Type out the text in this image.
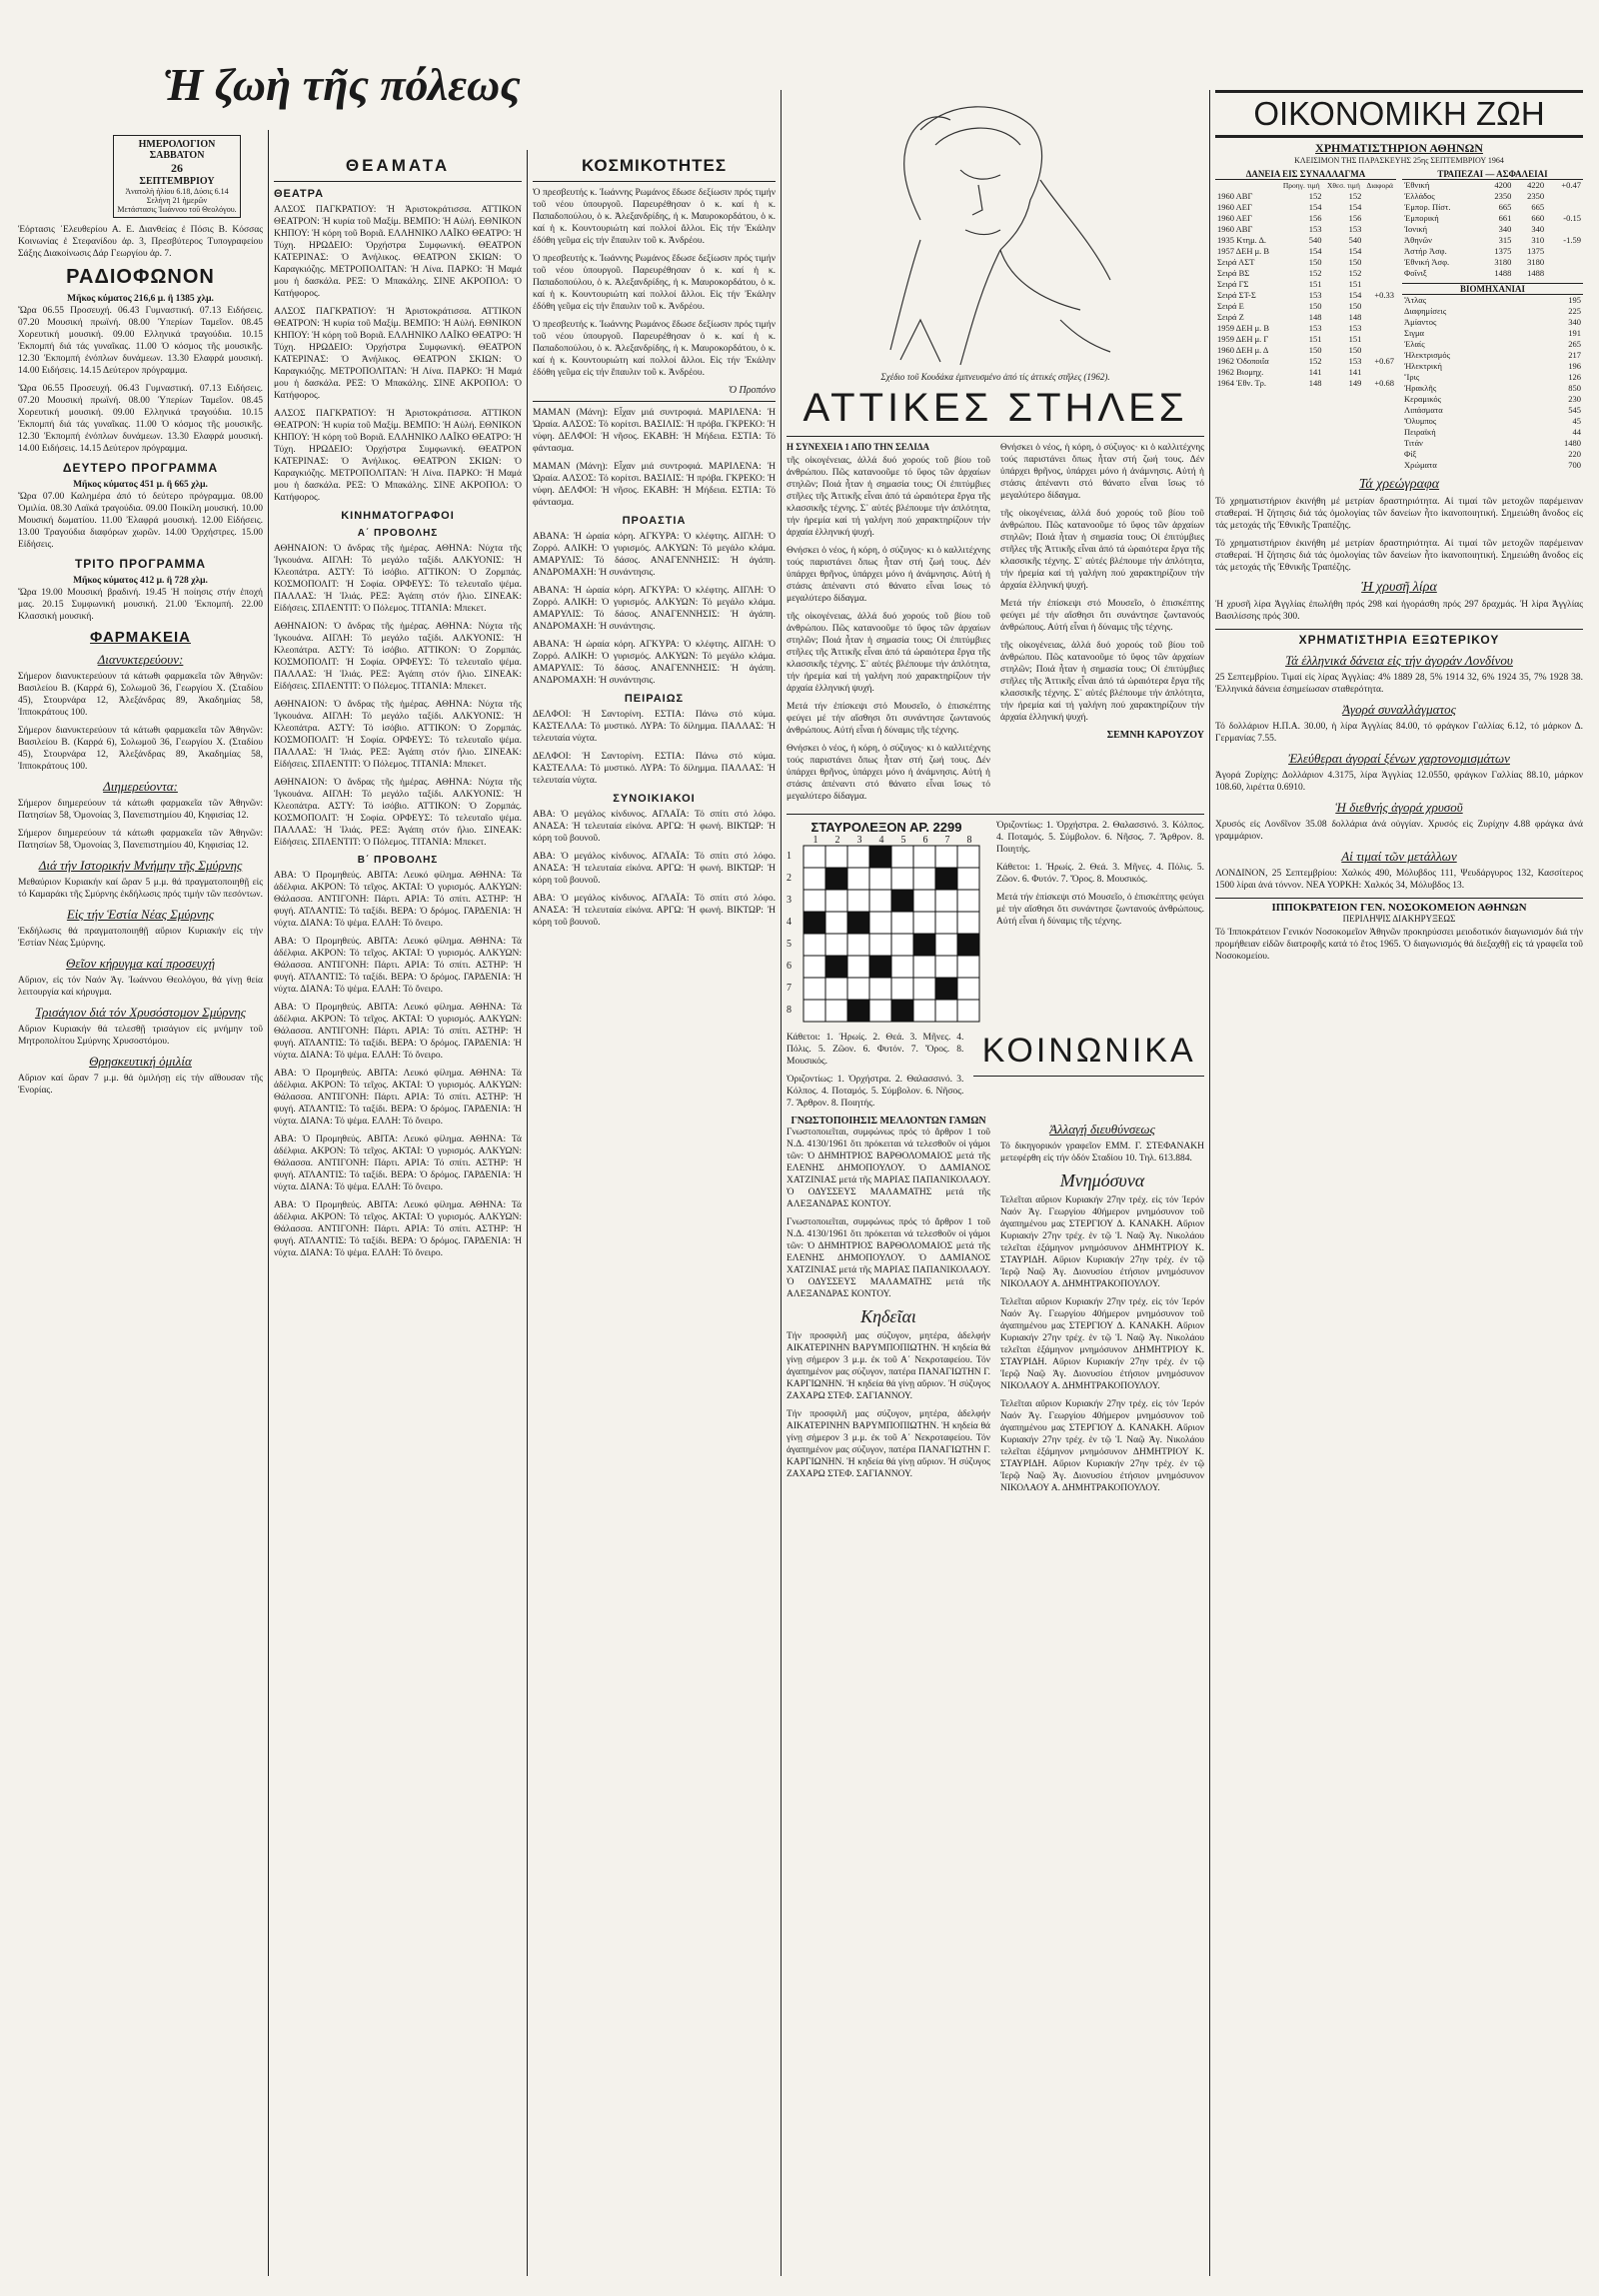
Ἡ ζωὴ τῆς πόλεως
ΗΜΕΡΟΛΟΓΙΟΝ
ΣΑΒΒΑΤΟΝ
26
ΣΕΠΤΕΜΒΡΙΟΥ
Ἀνατολὴ ἡλίου 6.18, Δύσις 6.14
Σελήνη 21 ἡμερῶν
Μετάστασις Ἰωάννου τοῦ Θεολόγου.

Ἑόρτασις ᾿Ελευθερίου Α. Ε. Διανθείας ἐ Πόσις Β. Κόσσας Κοινωνίας ἐ Στεφανίδου ἀρ. 3, Πρεσβύτερος Τυπογραφείου Σάξης Διακοίνωσις Δάρ Γεωργίου ἀρ. 7.

ΡΑΔΙΟΦΩΝΟΝ
Μῆκος κύματος 216,6 μ. ἢ 1385 χλμ.

Ὥρα 06.55 Προσευχή. 06.43 Γυμναστική. 07.13 Ειδήσεις. 07.20 Μουσική πρωϊνή. 08.00 Ὑπερίων Ταμεῖον. 08.45 Χορευτική μουσική. 09.00 Ελληνικά τραγούδια. 10.15 Ἐκπομπή διά τάς γυναῖκας. 11.00 Ὁ κόσμος τῆς μουσικῆς. 12.30 Ἐκπομπή ἐνόπλων δυνάμεων. 13.30 Ελαφρά μουσική. 14.00 Ειδήσεις. 14.15 Δεύτερον πρόγραμμα.

Ὥρα 06.55 Προσευχή. 06.43 Γυμναστική. 07.13 Ειδήσεις. 07.20 Μουσική πρωϊνή. 08.00 Ὑπερίων Ταμεῖον. 08.45 Χορευτική μουσική. 09.00 Ελληνικά τραγούδια. 10.15 Ἐκπομπή διά τάς γυναῖκας. 11.00 Ὁ κόσμος τῆς μουσικῆς. 12.30 Ἐκπομπή ἐνόπλων δυνάμεων. 13.30 Ελαφρά μουσική. 14.00 Ειδήσεις. 14.15 Δεύτερον πρόγραμμα.

ΔΕΥΤΕΡΟ ΠΡΟΓΡΑΜΜΑ
Μῆκος κύματος 451 μ. ἢ 665 χλμ.

Ὥρα 07.00 Καλημέρα ἀπό τό δεύτερο πρόγραμμα. 08.00 Ὁμιλία. 08.30 Λαϊκά τραγούδια. 09.00 Ποικίλη μουσική. 10.00 Μουσική δωματίου. 11.00 Ἐλαφρά μουσική. 12.00 Εἰδήσεις. 13.00 Τραγούδια διαφόρων χωρῶν. 14.00 Ὀρχήστρες. 15.00 Εἰδήσεις.

ΤΡΙΤΟ ΠΡΟΓΡΑΜΜΑ
Μῆκος κύματος 412 μ. ἢ 728 χλμ.

Ὥρα 19.00 Μουσική βραδινή. 19.45 Ἡ ποίησις στήν ἐποχή μας. 20.15 Συμφωνική μουσική. 21.00 Ἐκπομπή. 22.00 Κλασσική μουσική.

ΦΑΡΜΑΚΕΙΑ
Διανυκτερεύουν:

Σήμερον διανυκτερεύουν τά κάτωθι φαρμακεῖα τῶν Ἀθηνῶν: Βασιλείου Β. (Καρρά 6), Σολωμοῦ 36, Γεωργίου Χ. (Σταδίου 45), Στουρνάρα 12, Ἀλεξάνδρας 89, Ἀκαδημίας 58, Ἱπποκράτους 100.

Σήμερον διανυκτερεύουν τά κάτωθι φαρμακεῖα τῶν Ἀθηνῶν: Βασιλείου Β. (Καρρά 6), Σολωμοῦ 36, Γεωργίου Χ. (Σταδίου 45), Στουρνάρα 12, Ἀλεξάνδρας 89, Ἀκαδημίας 58, Ἱπποκράτους 100.

Διημερεύοντα:

Σήμερον διημερεύουν τά κάτωθι φαρμακεῖα τῶν Ἀθηνῶν: Πατησίων 58, Ὁμονοίας 3, Πανεπιστημίου 40, Κηφισίας 12.

Σήμερον διημερεύουν τά κάτωθι φαρμακεῖα τῶν Ἀθηνῶν: Πατησίων 58, Ὁμονοίας 3, Πανεπιστημίου 40, Κηφισίας 12.

Διά τήν Ιστορικήν Μνήμην τῆς Σμύρνης

Μεθαύριον Κυριακήν καί ὥραν 5 μ.μ. θά πραγματοποιηθῇ εἰς τό Καμαράκι τῆς Σμύρνης ἐκδήλωσις πρός τιμήν τῶν πεσόντων.

Εἰς τήν Ἑστία Νέας Σμύρνης

Ἐκδήλωσις θά πραγματοποιηθῇ αὔριον Κυριακήν εἰς τήν Ἑστίαν Νέας Σμύρνης.

Θεῖον κήρυγμα καί προσευχή

Αὔριον, εἰς τόν Ναόν Ἁγ. Ἰωάννου Θεολόγου, θά γίνῃ θεία λειτουργία καί κήρυγμα.

Τρισάγιον διά τόν Χρυσόστομον Σμύρνης

Αὔριον Κυριακήν θά τελεσθῇ τρισάγιον εἰς μνήμην τοῦ Μητροπολίτου Σμύρνης Χρυσοστόμου.

Θρησκευτική ὁμιλία

Αὔριον καί ὥραν 7 μ.μ. θά ὁμιλήσῃ εἰς τήν αἴθουσαν τῆς Ἐνορίας.

ΘΕΑΜΑΤΑ
ΘΕΑΤΡΑ

ΑΛΣΟΣ ΠΑΓΚΡΑΤΙΟΥ: Ἡ Ἀριστοκράτισσα. ΑΤΤΙΚΟΝ ΘΕΑΤΡΟΝ: Ἡ κυρία τοῦ Μαξίμ. ΒΕΜΠΟ: Ἡ Αὐλή. ΕΘΝΙΚΟΝ ΚΗΠΟΥ: Ἡ κόρη τοῦ Βοριᾶ. ΕΛΛΗΝΙΚΟ ΛΑΪΚΟ ΘΕΑΤΡΟ: Ἡ Τύχη. ΗΡΩΔΕΙΟ: Ὀρχήστρα Συμφωνική. ΘΕΑΤΡΟΝ ΚΑΤΕΡΙΝΑΣ: Ὁ Ἀνήλικος. ΘΕΑΤΡΟΝ ΣΚΙΩΝ: Ὁ Καραγκιόζης. ΜΕΤΡΟΠΟΛΙΤΑΝ: Ἡ Λίνα. ΠΑΡΚΟ: Ἡ Μαμά μου ἡ δασκάλα. ΡΕΞ: Ὁ Μπακάλης. ΣΙΝΕ ΑΚΡΟΠΟΛ: Ὁ Κατήφορος.

ΑΛΣΟΣ ΠΑΓΚΡΑΤΙΟΥ: Ἡ Ἀριστοκράτισσα. ΑΤΤΙΚΟΝ ΘΕΑΤΡΟΝ: Ἡ κυρία τοῦ Μαξίμ. ΒΕΜΠΟ: Ἡ Αὐλή. ΕΘΝΙΚΟΝ ΚΗΠΟΥ: Ἡ κόρη τοῦ Βοριᾶ. ΕΛΛΗΝΙΚΟ ΛΑΪΚΟ ΘΕΑΤΡΟ: Ἡ Τύχη. ΗΡΩΔΕΙΟ: Ὀρχήστρα Συμφωνική. ΘΕΑΤΡΟΝ ΚΑΤΕΡΙΝΑΣ: Ὁ Ἀνήλικος. ΘΕΑΤΡΟΝ ΣΚΙΩΝ: Ὁ Καραγκιόζης. ΜΕΤΡΟΠΟΛΙΤΑΝ: Ἡ Λίνα. ΠΑΡΚΟ: Ἡ Μαμά μου ἡ δασκάλα. ΡΕΞ: Ὁ Μπακάλης. ΣΙΝΕ ΑΚΡΟΠΟΛ: Ὁ Κατήφορος.

ΑΛΣΟΣ ΠΑΓΚΡΑΤΙΟΥ: Ἡ Ἀριστοκράτισσα. ΑΤΤΙΚΟΝ ΘΕΑΤΡΟΝ: Ἡ κυρία τοῦ Μαξίμ. ΒΕΜΠΟ: Ἡ Αὐλή. ΕΘΝΙΚΟΝ ΚΗΠΟΥ: Ἡ κόρη τοῦ Βοριᾶ. ΕΛΛΗΝΙΚΟ ΛΑΪΚΟ ΘΕΑΤΡΟ: Ἡ Τύχη. ΗΡΩΔΕΙΟ: Ὀρχήστρα Συμφωνική. ΘΕΑΤΡΟΝ ΚΑΤΕΡΙΝΑΣ: Ὁ Ἀνήλικος. ΘΕΑΤΡΟΝ ΣΚΙΩΝ: Ὁ Καραγκιόζης. ΜΕΤΡΟΠΟΛΙΤΑΝ: Ἡ Λίνα. ΠΑΡΚΟ: Ἡ Μαμά μου ἡ δασκάλα. ΡΕΞ: Ὁ Μπακάλης. ΣΙΝΕ ΑΚΡΟΠΟΛ: Ὁ Κατήφορος.

ΚΙΝΗΜΑΤΟΓΡΑΦΟΙ
Α΄ ΠΡΟΒΟΛΗΣ

ΑΘΗΝΑΙΟΝ: Ὁ ἄνδρας τῆς ἡμέρας. ΑΘΗΝΑ: Νύχτα τῆς Ἰγκουάνα. ΑΙΓΛΗ: Τό μεγάλο ταξίδι. ΑΛΚΥΟΝΙΣ: Ἡ Κλεοπάτρα. ΑΣΤΥ: Τό ἰσόβιο. ΑΤΤΙΚΟΝ: Ὁ Ζορμπάς. ΚΟΣΜΟΠΟΛΙΤ: Ἡ Σοφία. ΟΡΦΕΥΣ: Τό τελευταῖο ψέμα. ΠΑΛΛΑΣ: Ἡ Ἰλιάς. ΡΕΞ: Ἀγάπη στόν ἥλιο. ΣΙΝΕΑΚ: Εἰδήσεις. ΣΠΛΕΝΤΙΤ: Ὁ Πόλεμος. ΤΙΤΑΝΙΑ: Μπεκετ.

ΑΘΗΝΑΙΟΝ: Ὁ ἄνδρας τῆς ἡμέρας. ΑΘΗΝΑ: Νύχτα τῆς Ἰγκουάνα. ΑΙΓΛΗ: Τό μεγάλο ταξίδι. ΑΛΚΥΟΝΙΣ: Ἡ Κλεοπάτρα. ΑΣΤΥ: Τό ἰσόβιο. ΑΤΤΙΚΟΝ: Ὁ Ζορμπάς. ΚΟΣΜΟΠΟΛΙΤ: Ἡ Σοφία. ΟΡΦΕΥΣ: Τό τελευταῖο ψέμα. ΠΑΛΛΑΣ: Ἡ Ἰλιάς. ΡΕΞ: Ἀγάπη στόν ἥλιο. ΣΙΝΕΑΚ: Εἰδήσεις. ΣΠΛΕΝΤΙΤ: Ὁ Πόλεμος. ΤΙΤΑΝΙΑ: Μπεκετ.

ΑΘΗΝΑΙΟΝ: Ὁ ἄνδρας τῆς ἡμέρας. ΑΘΗΝΑ: Νύχτα τῆς Ἰγκουάνα. ΑΙΓΛΗ: Τό μεγάλο ταξίδι. ΑΛΚΥΟΝΙΣ: Ἡ Κλεοπάτρα. ΑΣΤΥ: Τό ἰσόβιο. ΑΤΤΙΚΟΝ: Ὁ Ζορμπάς. ΚΟΣΜΟΠΟΛΙΤ: Ἡ Σοφία. ΟΡΦΕΥΣ: Τό τελευταῖο ψέμα. ΠΑΛΛΑΣ: Ἡ Ἰλιάς. ΡΕΞ: Ἀγάπη στόν ἥλιο. ΣΙΝΕΑΚ: Εἰδήσεις. ΣΠΛΕΝΤΙΤ: Ὁ Πόλεμος. ΤΙΤΑΝΙΑ: Μπεκετ.

ΑΘΗΝΑΙΟΝ: Ὁ ἄνδρας τῆς ἡμέρας. ΑΘΗΝΑ: Νύχτα τῆς Ἰγκουάνα. ΑΙΓΛΗ: Τό μεγάλο ταξίδι. ΑΛΚΥΟΝΙΣ: Ἡ Κλεοπάτρα. ΑΣΤΥ: Τό ἰσόβιο. ΑΤΤΙΚΟΝ: Ὁ Ζορμπάς. ΚΟΣΜΟΠΟΛΙΤ: Ἡ Σοφία. ΟΡΦΕΥΣ: Τό τελευταῖο ψέμα. ΠΑΛΛΑΣ: Ἡ Ἰλιάς. ΡΕΞ: Ἀγάπη στόν ἥλιο. ΣΙΝΕΑΚ: Εἰδήσεις. ΣΠΛΕΝΤΙΤ: Ὁ Πόλεμος. ΤΙΤΑΝΙΑ: Μπεκετ.

Β΄ ΠΡΟΒΟΛΗΣ

ΑΒΑ: Ὁ Προμηθεύς. ΑΒΙΤΑ: Λευκό φίλημα. ΑΘΗΝΑ: Τά ἀδέλφια. ΑΚΡΟΝ: Τό τεῖχος. ΑΚΤΑΙ: Ὁ γυρισμός. ΑΛΚΥΩΝ: Θάλασσα. ΑΝΤΙΓΟΝΗ: Πάρτι. ΑΡΙΑ: Τό σπίτι. ΑΣΤΗΡ: Ἡ φυγή. ΑΤΛΑΝΤΙΣ: Τό ταξίδι. ΒΕΡΑ: Ὁ δρόμος. ΓΑΡΔΕΝΙΑ: Ἡ νύχτα. ΔΙΑΝΑ: Τό ψέμα. ΕΛΛΗ: Τό ὄνειρο.

ΑΒΑ: Ὁ Προμηθεύς. ΑΒΙΤΑ: Λευκό φίλημα. ΑΘΗΝΑ: Τά ἀδέλφια. ΑΚΡΟΝ: Τό τεῖχος. ΑΚΤΑΙ: Ὁ γυρισμός. ΑΛΚΥΩΝ: Θάλασσα. ΑΝΤΙΓΟΝΗ: Πάρτι. ΑΡΙΑ: Τό σπίτι. ΑΣΤΗΡ: Ἡ φυγή. ΑΤΛΑΝΤΙΣ: Τό ταξίδι. ΒΕΡΑ: Ὁ δρόμος. ΓΑΡΔΕΝΙΑ: Ἡ νύχτα. ΔΙΑΝΑ: Τό ψέμα. ΕΛΛΗ: Τό ὄνειρο.

ΑΒΑ: Ὁ Προμηθεύς. ΑΒΙΤΑ: Λευκό φίλημα. ΑΘΗΝΑ: Τά ἀδέλφια. ΑΚΡΟΝ: Τό τεῖχος. ΑΚΤΑΙ: Ὁ γυρισμός. ΑΛΚΥΩΝ: Θάλασσα. ΑΝΤΙΓΟΝΗ: Πάρτι. ΑΡΙΑ: Τό σπίτι. ΑΣΤΗΡ: Ἡ φυγή. ΑΤΛΑΝΤΙΣ: Τό ταξίδι. ΒΕΡΑ: Ὁ δρόμος. ΓΑΡΔΕΝΙΑ: Ἡ νύχτα. ΔΙΑΝΑ: Τό ψέμα. ΕΛΛΗ: Τό ὄνειρο.

ΑΒΑ: Ὁ Προμηθεύς. ΑΒΙΤΑ: Λευκό φίλημα. ΑΘΗΝΑ: Τά ἀδέλφια. ΑΚΡΟΝ: Τό τεῖχος. ΑΚΤΑΙ: Ὁ γυρισμός. ΑΛΚΥΩΝ: Θάλασσα. ΑΝΤΙΓΟΝΗ: Πάρτι. ΑΡΙΑ: Τό σπίτι. ΑΣΤΗΡ: Ἡ φυγή. ΑΤΛΑΝΤΙΣ: Τό ταξίδι. ΒΕΡΑ: Ὁ δρόμος. ΓΑΡΔΕΝΙΑ: Ἡ νύχτα. ΔΙΑΝΑ: Τό ψέμα. ΕΛΛΗ: Τό ὄνειρο.

ΑΒΑ: Ὁ Προμηθεύς. ΑΒΙΤΑ: Λευκό φίλημα. ΑΘΗΝΑ: Τά ἀδέλφια. ΑΚΡΟΝ: Τό τεῖχος. ΑΚΤΑΙ: Ὁ γυρισμός. ΑΛΚΥΩΝ: Θάλασσα. ΑΝΤΙΓΟΝΗ: Πάρτι. ΑΡΙΑ: Τό σπίτι. ΑΣΤΗΡ: Ἡ φυγή. ΑΤΛΑΝΤΙΣ: Τό ταξίδι. ΒΕΡΑ: Ὁ δρόμος. ΓΑΡΔΕΝΙΑ: Ἡ νύχτα. ΔΙΑΝΑ: Τό ψέμα. ΕΛΛΗ: Τό ὄνειρο.

ΑΒΑ: Ὁ Προμηθεύς. ΑΒΙΤΑ: Λευκό φίλημα. ΑΘΗΝΑ: Τά ἀδέλφια. ΑΚΡΟΝ: Τό τεῖχος. ΑΚΤΑΙ: Ὁ γυρισμός. ΑΛΚΥΩΝ: Θάλασσα. ΑΝΤΙΓΟΝΗ: Πάρτι. ΑΡΙΑ: Τό σπίτι. ΑΣΤΗΡ: Ἡ φυγή. ΑΤΛΑΝΤΙΣ: Τό ταξίδι. ΒΕΡΑ: Ὁ δρόμος. ΓΑΡΔΕΝΙΑ: Ἡ νύχτα. ΔΙΑΝΑ: Τό ψέμα. ΕΛΛΗ: Τό ὄνειρο.

ΚΟΣΜΙΚΟΤΗΤΕΣ

Ὁ πρεσβευτής κ. Ἰωάννης Ρωμάνος ἔδωσε δεξίωσιν πρός τιμήν τοῦ νέου ὑπουργοῦ. Παρευρέθησαν ὁ κ. καί ἡ κ. Παπαδοπούλου, ὁ κ. Ἀλεξανδρίδης, ἡ κ. Μαυροκορδάτου, ὁ κ. καί ἡ κ. Κουντουριώτη καί πολλοί ἄλλοι. Εἰς τήν Ἐκάλην ἐδόθη γεῦμα εἰς τήν ἔπαυλιν τοῦ κ. Ἀνδρέου.

Ὁ πρεσβευτής κ. Ἰωάννης Ρωμάνος ἔδωσε δεξίωσιν πρός τιμήν τοῦ νέου ὑπουργοῦ. Παρευρέθησαν ὁ κ. καί ἡ κ. Παπαδοπούλου, ὁ κ. Ἀλεξανδρίδης, ἡ κ. Μαυροκορδάτου, ὁ κ. καί ἡ κ. Κουντουριώτη καί πολλοί ἄλλοι. Εἰς τήν Ἐκάλην ἐδόθη γεῦμα εἰς τήν ἔπαυλιν τοῦ κ. Ἀνδρέου.

Ὁ πρεσβευτής κ. Ἰωάννης Ρωμάνος ἔδωσε δεξίωσιν πρός τιμήν τοῦ νέου ὑπουργοῦ. Παρευρέθησαν ὁ κ. καί ἡ κ. Παπαδοπούλου, ὁ κ. Ἀλεξανδρίδης, ἡ κ. Μαυροκορδάτου, ὁ κ. καί ἡ κ. Κουντουριώτη καί πολλοί ἄλλοι. Εἰς τήν Ἐκάλην ἐδόθη γεῦμα εἰς τήν ἔπαυλιν τοῦ κ. Ἀνδρέου.

Ὁ Προπόνο

ΜΑΜΑΝ (Μάνη): Εἶχαν μιά συντροφιά. ΜΑΡΙΛΕΝΑ: Ἡ Ὡραία. ΑΛΣΟΣ: Τό κορίτσι. ΒΑΣΙΛΙΣ: Ἡ πρόβα. ΓΚΡΕΚΟ: Ἡ νύφη. ΔΕΛΦΟΙ: Ἡ νῆσος. ΕΚΑΒΗ: Ἡ Μήδεια. ΕΣΤΙΑ: Τό φάντασμα.

ΜΑΜΑΝ (Μάνη): Εἶχαν μιά συντροφιά. ΜΑΡΙΛΕΝΑ: Ἡ Ὡραία. ΑΛΣΟΣ: Τό κορίτσι. ΒΑΣΙΛΙΣ: Ἡ πρόβα. ΓΚΡΕΚΟ: Ἡ νύφη. ΔΕΛΦΟΙ: Ἡ νῆσος. ΕΚΑΒΗ: Ἡ Μήδεια. ΕΣΤΙΑ: Τό φάντασμα.

ΠΡΟΑΣΤΙΑ

ΑΒΑΝΑ: Ἡ ὡραία κόρη. ΑΓΚΥΡΑ: Ὁ κλέφτης. ΑΙΓΛΗ: Ὁ Ζορρό. ΑΛΙΚΗ: Ὁ γυρισμός. ΑΛΚΥΩΝ: Τό μεγάλο κλάμα. ΑΜΑΡΥΛΙΣ: Τό δάσος. ΑΝΑΓΕΝΝΗΣΙΣ: Ἡ ἀγάπη. ΑΝΔΡΟΜΑΧΗ: Ἡ συνάντησις.

ΑΒΑΝΑ: Ἡ ὡραία κόρη. ΑΓΚΥΡΑ: Ὁ κλέφτης. ΑΙΓΛΗ: Ὁ Ζορρό. ΑΛΙΚΗ: Ὁ γυρισμός. ΑΛΚΥΩΝ: Τό μεγάλο κλάμα. ΑΜΑΡΥΛΙΣ: Τό δάσος. ΑΝΑΓΕΝΝΗΣΙΣ: Ἡ ἀγάπη. ΑΝΔΡΟΜΑΧΗ: Ἡ συνάντησις.

ΑΒΑΝΑ: Ἡ ὡραία κόρη. ΑΓΚΥΡΑ: Ὁ κλέφτης. ΑΙΓΛΗ: Ὁ Ζορρό. ΑΛΙΚΗ: Ὁ γυρισμός. ΑΛΚΥΩΝ: Τό μεγάλο κλάμα. ΑΜΑΡΥΛΙΣ: Τό δάσος. ΑΝΑΓΕΝΝΗΣΙΣ: Ἡ ἀγάπη. ΑΝΔΡΟΜΑΧΗ: Ἡ συνάντησις.

ΠΕΙΡΑΙΩΣ

ΔΕΛΦΟΙ: Ἡ Σαντορίνη. ΕΣΤΙΑ: Πάνω στό κύμα. ΚΑΣΤΕΛΛΑ: Τό μυστικό. ΛΥΡΑ: Τό δίλημμα. ΠΑΛΛΑΣ: Ἡ τελευταία νύχτα.

ΔΕΛΦΟΙ: Ἡ Σαντορίνη. ΕΣΤΙΑ: Πάνω στό κύμα. ΚΑΣΤΕΛΛΑ: Τό μυστικό. ΛΥΡΑ: Τό δίλημμα. ΠΑΛΛΑΣ: Ἡ τελευταία νύχτα.

ΣΥΝΟΙΚΙΑΚΟΙ

ΑΒΑ: Ὁ μεγάλος κίνδυνος. ΑΓΛΑΪΑ: Τό σπίτι στό λόφο. ΑΝΑΣΑ: Ἡ τελευταία εἰκόνα. ΑΡΓΩ: Ἡ φωνή. ΒΙΚΤΩΡ: Ἡ κόρη τοῦ βουνοῦ.

ΑΒΑ: Ὁ μεγάλος κίνδυνος. ΑΓΛΑΪΑ: Τό σπίτι στό λόφο. ΑΝΑΣΑ: Ἡ τελευταία εἰκόνα. ΑΡΓΩ: Ἡ φωνή. ΒΙΚΤΩΡ: Ἡ κόρη τοῦ βουνοῦ.

ΑΒΑ: Ὁ μεγάλος κίνδυνος. ΑΓΛΑΪΑ: Τό σπίτι στό λόφο. ΑΝΑΣΑ: Ἡ τελευταία εἰκόνα. ΑΡΓΩ: Ἡ φωνή. ΒΙΚΤΩΡ: Ἡ κόρη τοῦ βουνοῦ.

Σχέδιο τοῦ Κουδάκα ἐμπνευσμένο ἀπό τίς ἀττικές στῆλες (1962).
ΑΤΤΙΚΕΣ ΣΤΗΛΕΣ
Η ΣΥΝΕΧΕΙΑ 1 ΑΠΟ ΤΗΝ ΣΕΛΙΔΑ

τῆς οἰκογένειας, ἀλλά δυό χορούς τοῦ βίου τοῦ ἀνθρώπου. Πῶς κατανοοῦμε τό ὕφος τῶν ἀρχαίων στηλῶν; Ποιά ἦταν ἡ σημασία τους; Οἱ ἐπιτύμβιες στῆλες τῆς Ἀττικῆς εἶναι ἀπό τά ὡραιότερα ἔργα τῆς κλασσικῆς τέχνης. Σ᾽ αὐτές βλέπουμε τήν ἀπλότητα, τήν ἠρεμία καί τή γαλήνη πού χαρακτηρίζουν τήν ἀρχαία ἑλληνική ψυχή.

Θνήσκει ὁ νέος, ἡ κόρη, ὁ σύζυγος· κι ὁ καλλιτέχνης τούς παριστάνει ὅπως ἦταν στή ζωή τους. Δέν ὑπάρχει θρῆνος, ὑπάρχει μόνο ἡ ἀνάμνησις. Αὐτή ἡ στάσις ἀπέναντι στό θάνατο εἶναι ἴσως τό μεγαλύτερο δίδαγμα.

τῆς οἰκογένειας, ἀλλά δυό χορούς τοῦ βίου τοῦ ἀνθρώπου. Πῶς κατανοοῦμε τό ὕφος τῶν ἀρχαίων στηλῶν; Ποιά ἦταν ἡ σημασία τους; Οἱ ἐπιτύμβιες στῆλες τῆς Ἀττικῆς εἶναι ἀπό τά ὡραιότερα ἔργα τῆς κλασσικῆς τέχνης. Σ᾽ αὐτές βλέπουμε τήν ἀπλότητα, τήν ἠρεμία καί τή γαλήνη πού χαρακτηρίζουν τήν ἀρχαία ἑλληνική ψυχή.

Μετά τήν ἐπίσκεψι στό Μουσεῖο, ὁ ἐπισκέπτης φεύγει μέ τήν αἴσθησι ὅτι συνάντησε ζωντανούς ἀνθρώπους. Αὐτή εἶναι ἡ δύναμις τῆς τέχνης.

Θνήσκει ὁ νέος, ἡ κόρη, ὁ σύζυγος· κι ὁ καλλιτέχνης τούς παριστάνει ὅπως ἦταν στή ζωή τους. Δέν ὑπάρχει θρῆνος, ὑπάρχει μόνο ἡ ἀνάμνησις. Αὐτή ἡ στάσις ἀπέναντι στό θάνατο εἶναι ἴσως τό μεγαλύτερο δίδαγμα.

Θνήσκει ὁ νέος, ἡ κόρη, ὁ σύζυγος· κι ὁ καλλιτέχνης τούς παριστάνει ὅπως ἦταν στή ζωή τους. Δέν ὑπάρχει θρῆνος, ὑπάρχει μόνο ἡ ἀνάμνησις. Αὐτή ἡ στάσις ἀπέναντι στό θάνατο εἶναι ἴσως τό μεγαλύτερο δίδαγμα.

τῆς οἰκογένειας, ἀλλά δυό χορούς τοῦ βίου τοῦ ἀνθρώπου. Πῶς κατανοοῦμε τό ὕφος τῶν ἀρχαίων στηλῶν; Ποιά ἦταν ἡ σημασία τους; Οἱ ἐπιτύμβιες στῆλες τῆς Ἀττικῆς εἶναι ἀπό τά ὡραιότερα ἔργα τῆς κλασσικῆς τέχνης. Σ᾽ αὐτές βλέπουμε τήν ἀπλότητα, τήν ἠρεμία καί τή γαλήνη πού χαρακτηρίζουν τήν ἀρχαία ἑλληνική ψυχή.

Μετά τήν ἐπίσκεψι στό Μουσεῖο, ὁ ἐπισκέπτης φεύγει μέ τήν αἴσθησι ὅτι συνάντησε ζωντανούς ἀνθρώπους. Αὐτή εἶναι ἡ δύναμις τῆς τέχνης.

τῆς οἰκογένειας, ἀλλά δυό χορούς τοῦ βίου τοῦ ἀνθρώπου. Πῶς κατανοοῦμε τό ὕφος τῶν ἀρχαίων στηλῶν; Ποιά ἦταν ἡ σημασία τους; Οἱ ἐπιτύμβιες στῆλες τῆς Ἀττικῆς εἶναι ἀπό τά ὡραιότερα ἔργα τῆς κλασσικῆς τέχνης. Σ᾽ αὐτές βλέπουμε τήν ἀπλότητα, τήν ἠρεμία καί τή γαλήνη πού χαρακτηρίζουν τήν ἀρχαία ἑλληνική ψυχή.

ΣΕΜΝΗ ΚΑΡΟΥΖΟΥ
ΣΤΑΥΡΟΛΕΞΟΝ ΑΡ. 2299
1	2	3	4	5	6	7	8
1
2
3
4
5
6
7
8

Ὁριζοντίως: 1. Ὀρχήστρα. 2. Θαλασσινό. 3. Κόλπος. 4. Ποταμός. 5. Σύμβολον. 6. Νῆσος. 7. Ἄρθρον. 8. Ποιητής.

Κάθετοι: 1. Ἡρωίς. 2. Θεά. 3. Μῆνες. 4. Πόλις. 5. Ζῶον. 6. Φυτόν. 7. Ὄρος. 8. Μουσικός.

Μετά τήν ἐπίσκεψι στό Μουσεῖο, ὁ ἐπισκέπτης φεύγει μέ τήν αἴσθησι ὅτι συνάντησε ζωντανούς ἀνθρώπους. Αὐτή εἶναι ἡ δύναμις τῆς τέχνης.

Κάθετοι: 1. Ἡρωίς. 2. Θεά. 3. Μῆνες. 4. Πόλις. 5. Ζῶον. 6. Φυτόν. 7. Ὄρος. 8. Μουσικός.

Ὁριζοντίως: 1. Ὀρχήστρα. 2. Θαλασσινό. 3. Κόλπος. 4. Ποταμός. 5. Σύμβολον. 6. Νῆσος. 7. Ἄρθρον. 8. Ποιητής.

ΚΟΙΝΩΝΙΚΑ
ΓΝΩΣΤΟΠΟΙΗΣΙΣ ΜΕΛΛΟΝΤΩΝ ΓΑΜΩΝ

Γνωστοποιεῖται, συμφώνως πρός τό ἄρθρον 1 τοῦ Ν.Δ. 4130/1961 ὅτι πρόκειται νά τελεσθοῦν οἱ γάμοι τῶν: Ὁ ΔΗΜΗΤΡΙΟΣ ΒΑΡΘΟΛΟΜΑΙΟΣ μετά τῆς ΕΛΕΝΗΣ ΔΗΜΟΠΟΥΛΟΥ. Ὁ ΔΑΜΙΑΝΟΣ ΧΑΤΖΙΝΙΑΣ μετά τῆς ΜΑΡΙΑΣ ΠΑΠΑΝΙΚΟΛΑΟΥ. Ὁ ΟΔΥΣΣΕΥΣ ΜΑΛΑΜΑΤΗΣ μετά τῆς ΑΛΕΞΑΝΔΡΑΣ ΚΟΝΤΟΥ.

Γνωστοποιεῖται, συμφώνως πρός τό ἄρθρον 1 τοῦ Ν.Δ. 4130/1961 ὅτι πρόκειται νά τελεσθοῦν οἱ γάμοι τῶν: Ὁ ΔΗΜΗΤΡΙΟΣ ΒΑΡΘΟΛΟΜΑΙΟΣ μετά τῆς ΕΛΕΝΗΣ ΔΗΜΟΠΟΥΛΟΥ. Ὁ ΔΑΜΙΑΝΟΣ ΧΑΤΖΙΝΙΑΣ μετά τῆς ΜΑΡΙΑΣ ΠΑΠΑΝΙΚΟΛΑΟΥ. Ὁ ΟΔΥΣΣΕΥΣ ΜΑΛΑΜΑΤΗΣ μετά τῆς ΑΛΕΞΑΝΔΡΑΣ ΚΟΝΤΟΥ.

Κηδεῖαι

Τήν προσφιλῆ μας σύζυγον, μητέρα, ἀδελφήν ΑΙΚΑΤΕΡΙΝΗΝ ΒΑΡΥΜΠΟΠΙΩΤΗΝ. Ἡ κηδεία θά γίνῃ σήμερον 3 μ.μ. ἐκ τοῦ Α΄ Νεκροταφείου. Τόν ἀγαπημένον μας σύζυγον, πατέρα ΠΑΝΑΓΙΩΤΗΝ Γ. ΚΑΡΓΙΩΝΗΝ. Ἡ κηδεία θά γίνῃ αὔριον. Ἡ σύζυγος ΖΑΧΑΡΩ ΣΤΕΦ. ΣΑΓΙΑΝΝΟΥ.

Τήν προσφιλῆ μας σύζυγον, μητέρα, ἀδελφήν ΑΙΚΑΤΕΡΙΝΗΝ ΒΑΡΥΜΠΟΠΙΩΤΗΝ. Ἡ κηδεία θά γίνῃ σήμερον 3 μ.μ. ἐκ τοῦ Α΄ Νεκροταφείου. Τόν ἀγαπημένον μας σύζυγον, πατέρα ΠΑΝΑΓΙΩΤΗΝ Γ. ΚΑΡΓΙΩΝΗΝ. Ἡ κηδεία θά γίνῃ αὔριον. Ἡ σύζυγος ΖΑΧΑΡΩ ΣΤΕΦ. ΣΑΓΙΑΝΝΟΥ.

Ἀλλαγή διευθύνσεως

Τό δικηγορικόν γραφεῖον ΕΜΜ. Γ. ΣΤΕΦΑΝΑΚΗ μετεφέρθη εἰς τήν ὁδόν Σταδίου 10. Τηλ. 613.884.

Μνημόσυνα

Τελεῖται αὔριον Κυριακήν 27ην τρέχ. εἰς τόν Ἱερόν Ναόν Ἁγ. Γεωργίου 40ήμερον μνημόσυνον τοῦ ἀγαπημένου μας ΣΤΕΡΓΙΟΥ Δ. ΚΑΝΑΚΗ. Αὔριον Κυριακήν 27ην τρέχ. ἐν τῷ Ἱ. Ναῷ Ἁγ. Νικολάου τελεῖται ἑξάμηνον μνημόσυνον ΔΗΜΗΤΡΙΟΥ Κ. ΣΤΑΥΡΙΔΗ. Αὔριον Κυριακήν 27ην τρέχ. ἐν τῷ Ἱερῷ Ναῷ Ἁγ. Διονυσίου ἐτήσιον μνημόσυνον ΝΙΚΟΛΑΟΥ Α. ΔΗΜΗΤΡΑΚΟΠΟΥΛΟΥ.

Τελεῖται αὔριον Κυριακήν 27ην τρέχ. εἰς τόν Ἱερόν Ναόν Ἁγ. Γεωργίου 40ήμερον μνημόσυνον τοῦ ἀγαπημένου μας ΣΤΕΡΓΙΟΥ Δ. ΚΑΝΑΚΗ. Αὔριον Κυριακήν 27ην τρέχ. ἐν τῷ Ἱ. Ναῷ Ἁγ. Νικολάου τελεῖται ἑξάμηνον μνημόσυνον ΔΗΜΗΤΡΙΟΥ Κ. ΣΤΑΥΡΙΔΗ. Αὔριον Κυριακήν 27ην τρέχ. ἐν τῷ Ἱερῷ Ναῷ Ἁγ. Διονυσίου ἐτήσιον μνημόσυνον ΝΙΚΟΛΑΟΥ Α. ΔΗΜΗΤΡΑΚΟΠΟΥΛΟΥ.

Τελεῖται αὔριον Κυριακήν 27ην τρέχ. εἰς τόν Ἱερόν Ναόν Ἁγ. Γεωργίου 40ήμερον μνημόσυνον τοῦ ἀγαπημένου μας ΣΤΕΡΓΙΟΥ Δ. ΚΑΝΑΚΗ. Αὔριον Κυριακήν 27ην τρέχ. ἐν τῷ Ἱ. Ναῷ Ἁγ. Νικολάου τελεῖται ἑξάμηνον μνημόσυνον ΔΗΜΗΤΡΙΟΥ Κ. ΣΤΑΥΡΙΔΗ. Αὔριον Κυριακήν 27ην τρέχ. ἐν τῷ Ἱερῷ Ναῷ Ἁγ. Διονυσίου ἐτήσιον μνημόσυνον ΝΙΚΟΛΑΟΥ Α. ΔΗΜΗΤΡΑΚΟΠΟΥΛΟΥ.

ΟΙΚΟΝΟΜΙΚΗ ΖΩΗ
ΧΡΗΜΑΤΙΣΤΗΡΙΟΝ ΑΘΗΝΩΝ
ΚΛΕΙΣΙΜΟΝ ΤΗΣ ΠΑΡΑΣΚΕΥΗΣ 25ης ΣΕΠΤΕΜΒΡΙΟΥ 1964
ΔΑΝΕΙΑ ΕΙΣ ΣΥΝΑΛΛΑΓΜΑ
	Προηγ. τιμή	Χθεσ. τιμή	Διαφορά
1960 ΑΒΓ	152	152	
1960 ΑΕΓ	154	154	
1960 ΑΕΓ	156	156	
1960 ΑΒΓ	153	153	
1935 Κτημ. Δ.	540	540	
1957 ΔΕΗ μ. Β	154	154	
Σειρά ΑΣΤ	150	150	
Σειρά ΒΣ	152	152	
Σειρά ΓΣ	151	151	
Σειρά ΣΤ-Σ	153	154	+0.33
Σειρά Ε	150	150	
Σειρά Ζ	148	148	
1959 ΔΕΗ μ. Β	153	153	
1959 ΔΕΗ μ. Γ	151	151	
1960 ΔΕΗ μ. Δ	150	150	
1962 Ὁδοποιΐα	152	153	+0.67
1962 Βιομηχ.	141	141	
1964 Ἐθν. Τρ.	148	149	+0.68
ΤΡΑΠΕΖΑΙ — ΑΣΦΑΛΕΙΑΙ
Ἐθνική	4200	4220	+0.47
Ἑλλάδος	2350	2350	
Ἐμπορ. Πίστ.	665	665	
Ἐμπορική	661	660	-0.15
Ἰονική	340	340	
Ἀθηνῶν	315	310	-1.59
Ἀστήρ Ἀσφ.	1375	1375	
Ἐθνική Ἀσφ.	3180	3180	
Φοῖνιξ	1488	1488	
ΒΙΟΜΗΧΑΝΙΑΙ
Ἄτλας	195
Διαφημίσεις	225
Ἀμίαντος	340
Σιγμα	191
Ἐλαίς	265
Ἡλεκτρισμός	217
Ἠλεκτρική	196
Ἴρις	126
Ἡρακλῆς	850
Κεραμικός	230
Λιπάσματα	545
Ὄλυμπος	45
Πειραϊκή	44
Τιτάν	1480
Φίξ	220
Χρώματα	700
Τά χρεώγραφα

Τό χρηματιστήριον ἐκινήθη μέ μετρίαν δραστηριότητα. Αἱ τιμαί τῶν μετοχῶν παρέμειναν σταθεραί. Ἡ ζήτησις διά τάς ὁμολογίας τῶν δανείων ἦτο ἱκανοποιητική. Σημειώθη ἄνοδος εἰς τάς μετοχάς τῆς Ἐθνικῆς Τραπέζης.

Τό χρηματιστήριον ἐκινήθη μέ μετρίαν δραστηριότητα. Αἱ τιμαί τῶν μετοχῶν παρέμειναν σταθεραί. Ἡ ζήτησις διά τάς ὁμολογίας τῶν δανείων ἦτο ἱκανοποιητική. Σημειώθη ἄνοδος εἰς τάς μετοχάς τῆς Ἐθνικῆς Τραπέζης.

Ἡ χρυσῆ λίρα

Ἡ χρυσῆ λίρα Ἀγγλίας ἐπωλήθη πρός 298 καί ἠγοράσθη πρός 297 δραχμάς. Ἡ λίρα Ἀγγλίας Βασιλίσσης πρός 300.

ΧΡΗΜΑΤΙΣΤΗΡΙΑ ΕΞΩΤΕΡΙΚΟΥ
Τά ἑλληνικά δάνεια εἰς τήν ἀγοράν Λονδίνου

25 Σεπτεμβρίου. Τιμαί εἰς λίρας Ἀγγλίας: 4% 1889 28, 5% 1914 32, 6% 1924 35, 7% 1928 38. Ἐλληνικά δάνεια ἐσημείωσαν σταθερότητα.

Ἀγορά συναλλάγματος

Τό δολλάριον Η.Π.Α. 30.00, ἡ λίρα Ἀγγλίας 84.00, τό φράγκον Γαλλίας 6.12, τό μάρκον Δ. Γερμανίας 7.55.

Ἐλεύθεραι ἀγοραί ξένων χαρτονομισμάτων

Ἀγορά Ζυρίχης: Δολλάριον 4.3175, λίρα Ἀγγλίας 12.0550, φράγκον Γαλλίας 88.10, μάρκον 108.60, λιρέττα 0.6910.

Ἡ διεθνής ἀγορά χρυσοῦ

Χρυσός εἰς Λονδῖνον 35.08 δολλάρια ἀνά οὐγγίαν. Χρυσός εἰς Ζυρίχην 4.88 φράγκα ἀνά γραμμάριον.

Αἱ τιμαί τῶν μετάλλων

ΛΟΝΔΙΝΟΝ, 25 Σεπτεμβρίου: Χαλκός 490, Μόλυβδος 111, Ψευδάργυρος 132, Κασσίτερος 1500 λίραι ἀνά τόννον. ΝΕΑ ΥΟΡΚΗ: Χαλκός 34, Μόλυβδος 13.

ΙΠΠΟΚΡΑΤΕΙΟΝ ΓΕΝ. ΝΟΣΟΚΟΜΕΙΟΝ ΑΘΗΝΩΝ
ΠΕΡΙΛΗΨΙΣ ΔΙΑΚΗΡΥΞΕΩΣ

Τό Ἱπποκράτειον Γενικόν Νοσοκομεῖον Ἀθηνῶν προκηρύσσει μειοδοτικόν διαγωνισμόν διά τήν προμήθειαν εἰδῶν διατροφῆς κατά τό ἔτος 1965. Ὁ διαγωνισμός θά διεξαχθῇ εἰς τά γραφεῖα τοῦ Νοσοκομείου.
